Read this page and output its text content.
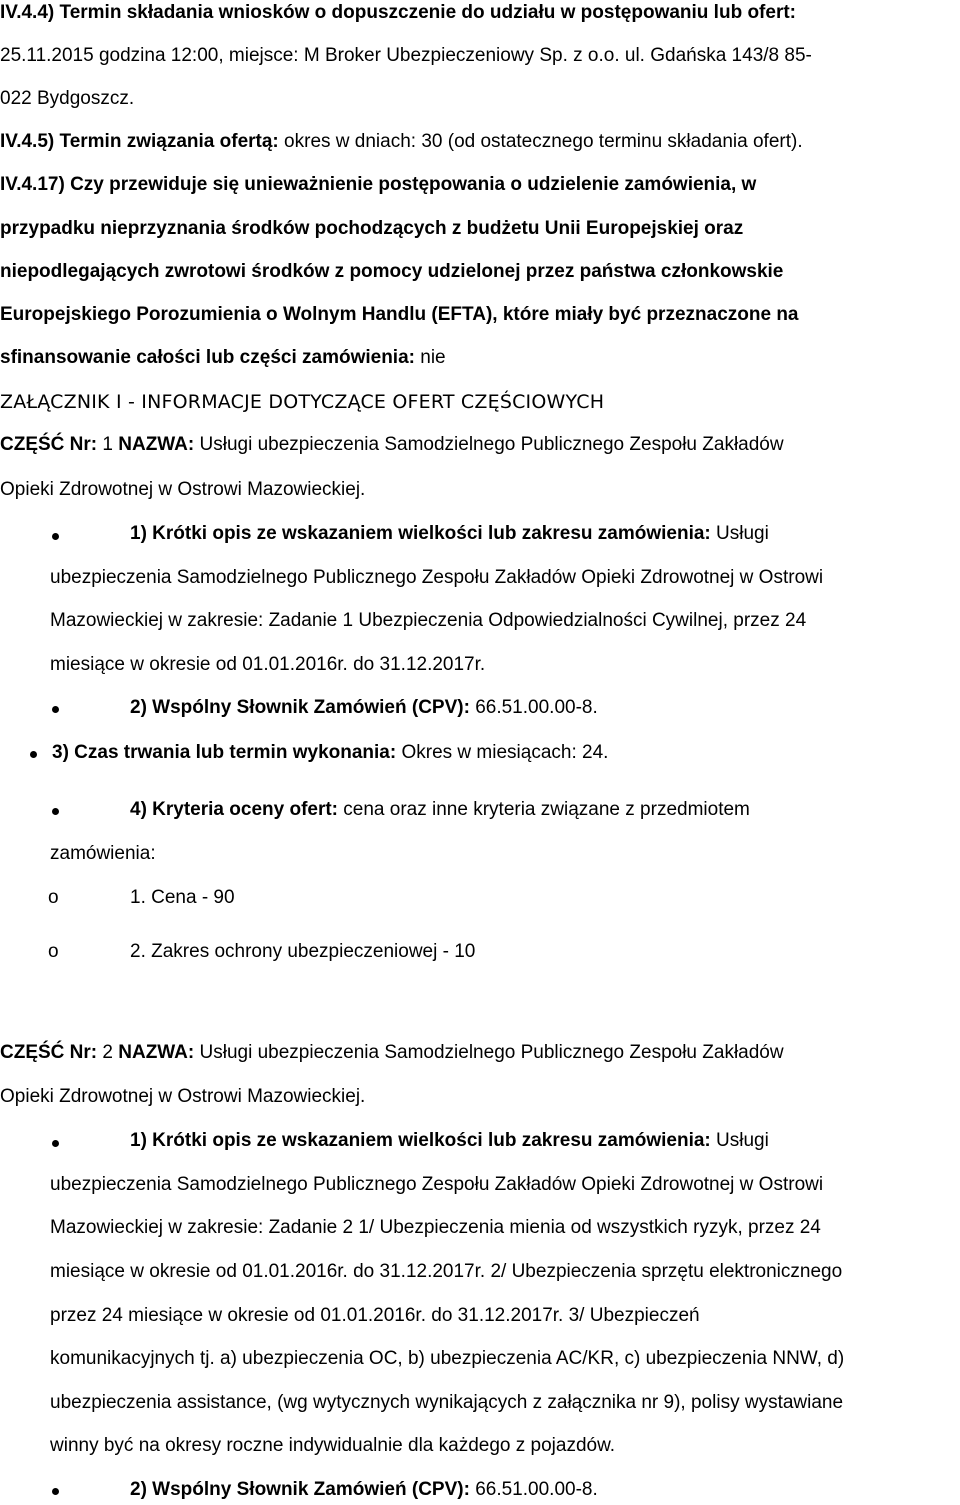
IV.4.4) Termin składania wniosków o dopuszczenie do udziału w postępowaniu lub ofert:
25.11.2015 godzina 12:00, miejsce: M Broker Ubezpieczeniowy Sp. z o.o. ul. Gdańska 143/8 85-
022 Bydgoszcz.
IV.4.5) Termin związania ofertą: okres w dniach: 30 (od ostatecznego terminu składania ofert).
IV.4.17) Czy przewiduje się unieważnienie postępowania o udzielenie zamówienia, w
przypadku nieprzyznania środków pochodzących z budżetu Unii Europejskiej oraz
niepodlegających zwrotowi środków z pomocy udzielonej przez państwa członkowskie
Europejskiego Porozumienia o Wolnym Handlu (EFTA), które miały być przeznaczone na
sfinansowanie całości lub części zamówienia: nie
ZAŁĄCZNIK I - INFORMACJE DOTYCZĄCE OFERT CZĘŚCIOWYCH
CZĘŚĆ Nr: 1 NAZWA: Usługi ubezpieczenia Samodzielnego Publicznego Zespołu Zakładów
Opieki Zdrowotnej w Ostrowi Mazowieckiej.
1) Krótki opis ze wskazaniem wielkości lub zakresu zamówienia: Usługi
ubezpieczenia Samodzielnego Publicznego Zespołu Zakładów Opieki Zdrowotnej w Ostrowi
Mazowieckiej w zakresie: Zadanie 1 Ubezpieczenia Odpowiedzialności Cywilnej, przez 24
miesiące w okresie od 01.01.2016r. do 31.12.2017r.
2) Wspólny Słownik Zamówień (CPV): 66.51.00.00-8.
3) Czas trwania lub termin wykonania: Okres w miesiącach: 24.
4) Kryteria oceny ofert: cena oraz inne kryteria związane z przedmiotem
zamówienia:
o	1. Cena - 90
o	2. Zakres ochrony ubezpieczeniowej - 10
CZĘŚĆ Nr: 2 NAZWA: Usługi ubezpieczenia Samodzielnego Publicznego Zespołu Zakładów
Opieki Zdrowotnej w Ostrowi Mazowieckiej.
1) Krótki opis ze wskazaniem wielkości lub zakresu zamówienia: Usługi
ubezpieczenia Samodzielnego Publicznego Zespołu Zakładów Opieki Zdrowotnej w Ostrowi
Mazowieckiej w zakresie: Zadanie 2 1/ Ubezpieczenia mienia od wszystkich ryzyk, przez 24
miesiące w okresie od 01.01.2016r. do 31.12.2017r. 2/ Ubezpieczenia sprzętu elektronicznego
przez 24 miesiące w okresie od 01.01.2016r. do 31.12.2017r. 3/ Ubezpieczeń
komunikacyjnych tj. a) ubezpieczenia OC, b) ubezpieczenia AC/KR, c) ubezpieczenia NNW, d)
ubezpieczenia assistance, (wg wytycznych wynikających z załącznika nr 9), polisy wystawiane
winny być na okresy roczne indywidualnie dla każdego z pojazdów.
2) Wspólny Słownik Zamówień (CPV): 66.51.00.00-8.
